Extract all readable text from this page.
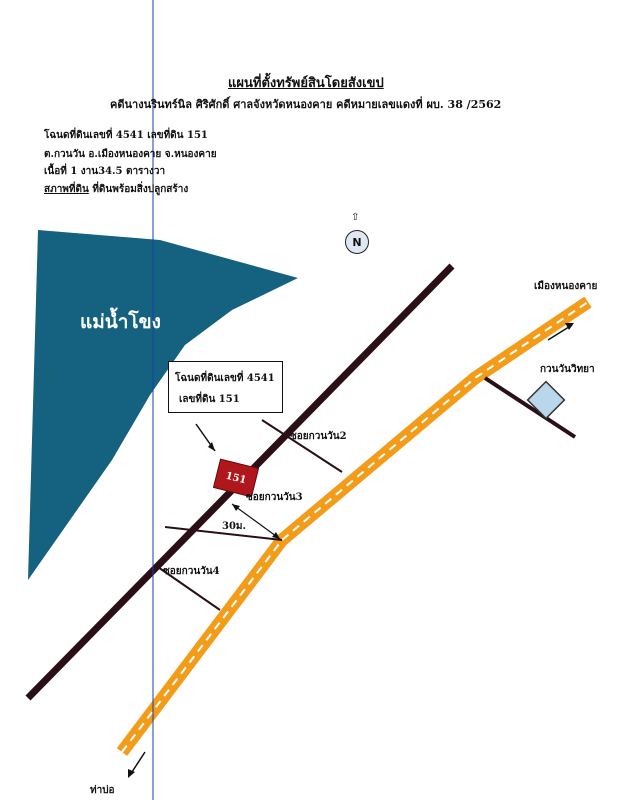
แผนที่ตั้งทรัพย์สินโดยสังเขป
คดีนางนรินทร์นิล ศิริศักดิ์ ศาลจังหวัดหนองคาย คดีหมายเลขแดงที่ ผบ. 38 /2562
โฉนดที่ดินเลขที่ 4541 เลขที่ดิน 151
ต.กวนวัน อ.เมืองหนองคาย จ.หนองคาย
เนื้อที่ 1 งาน34.5 ตารางวา
สภาพที่ดิน ที่ดินพร้อมสิ่งปลูกสร้าง
⇧
N
แม่น้ำโขง
โฉนดที่ดินเลขที่ 4541
เลขที่ดิน 151
151
ซอยกวนวัน2
ซอยกวนวัน3
ซอยกวนวัน4
30ม.
เมืองหนองคาย
กวนวันวิทยา
ท่าบ่อ
